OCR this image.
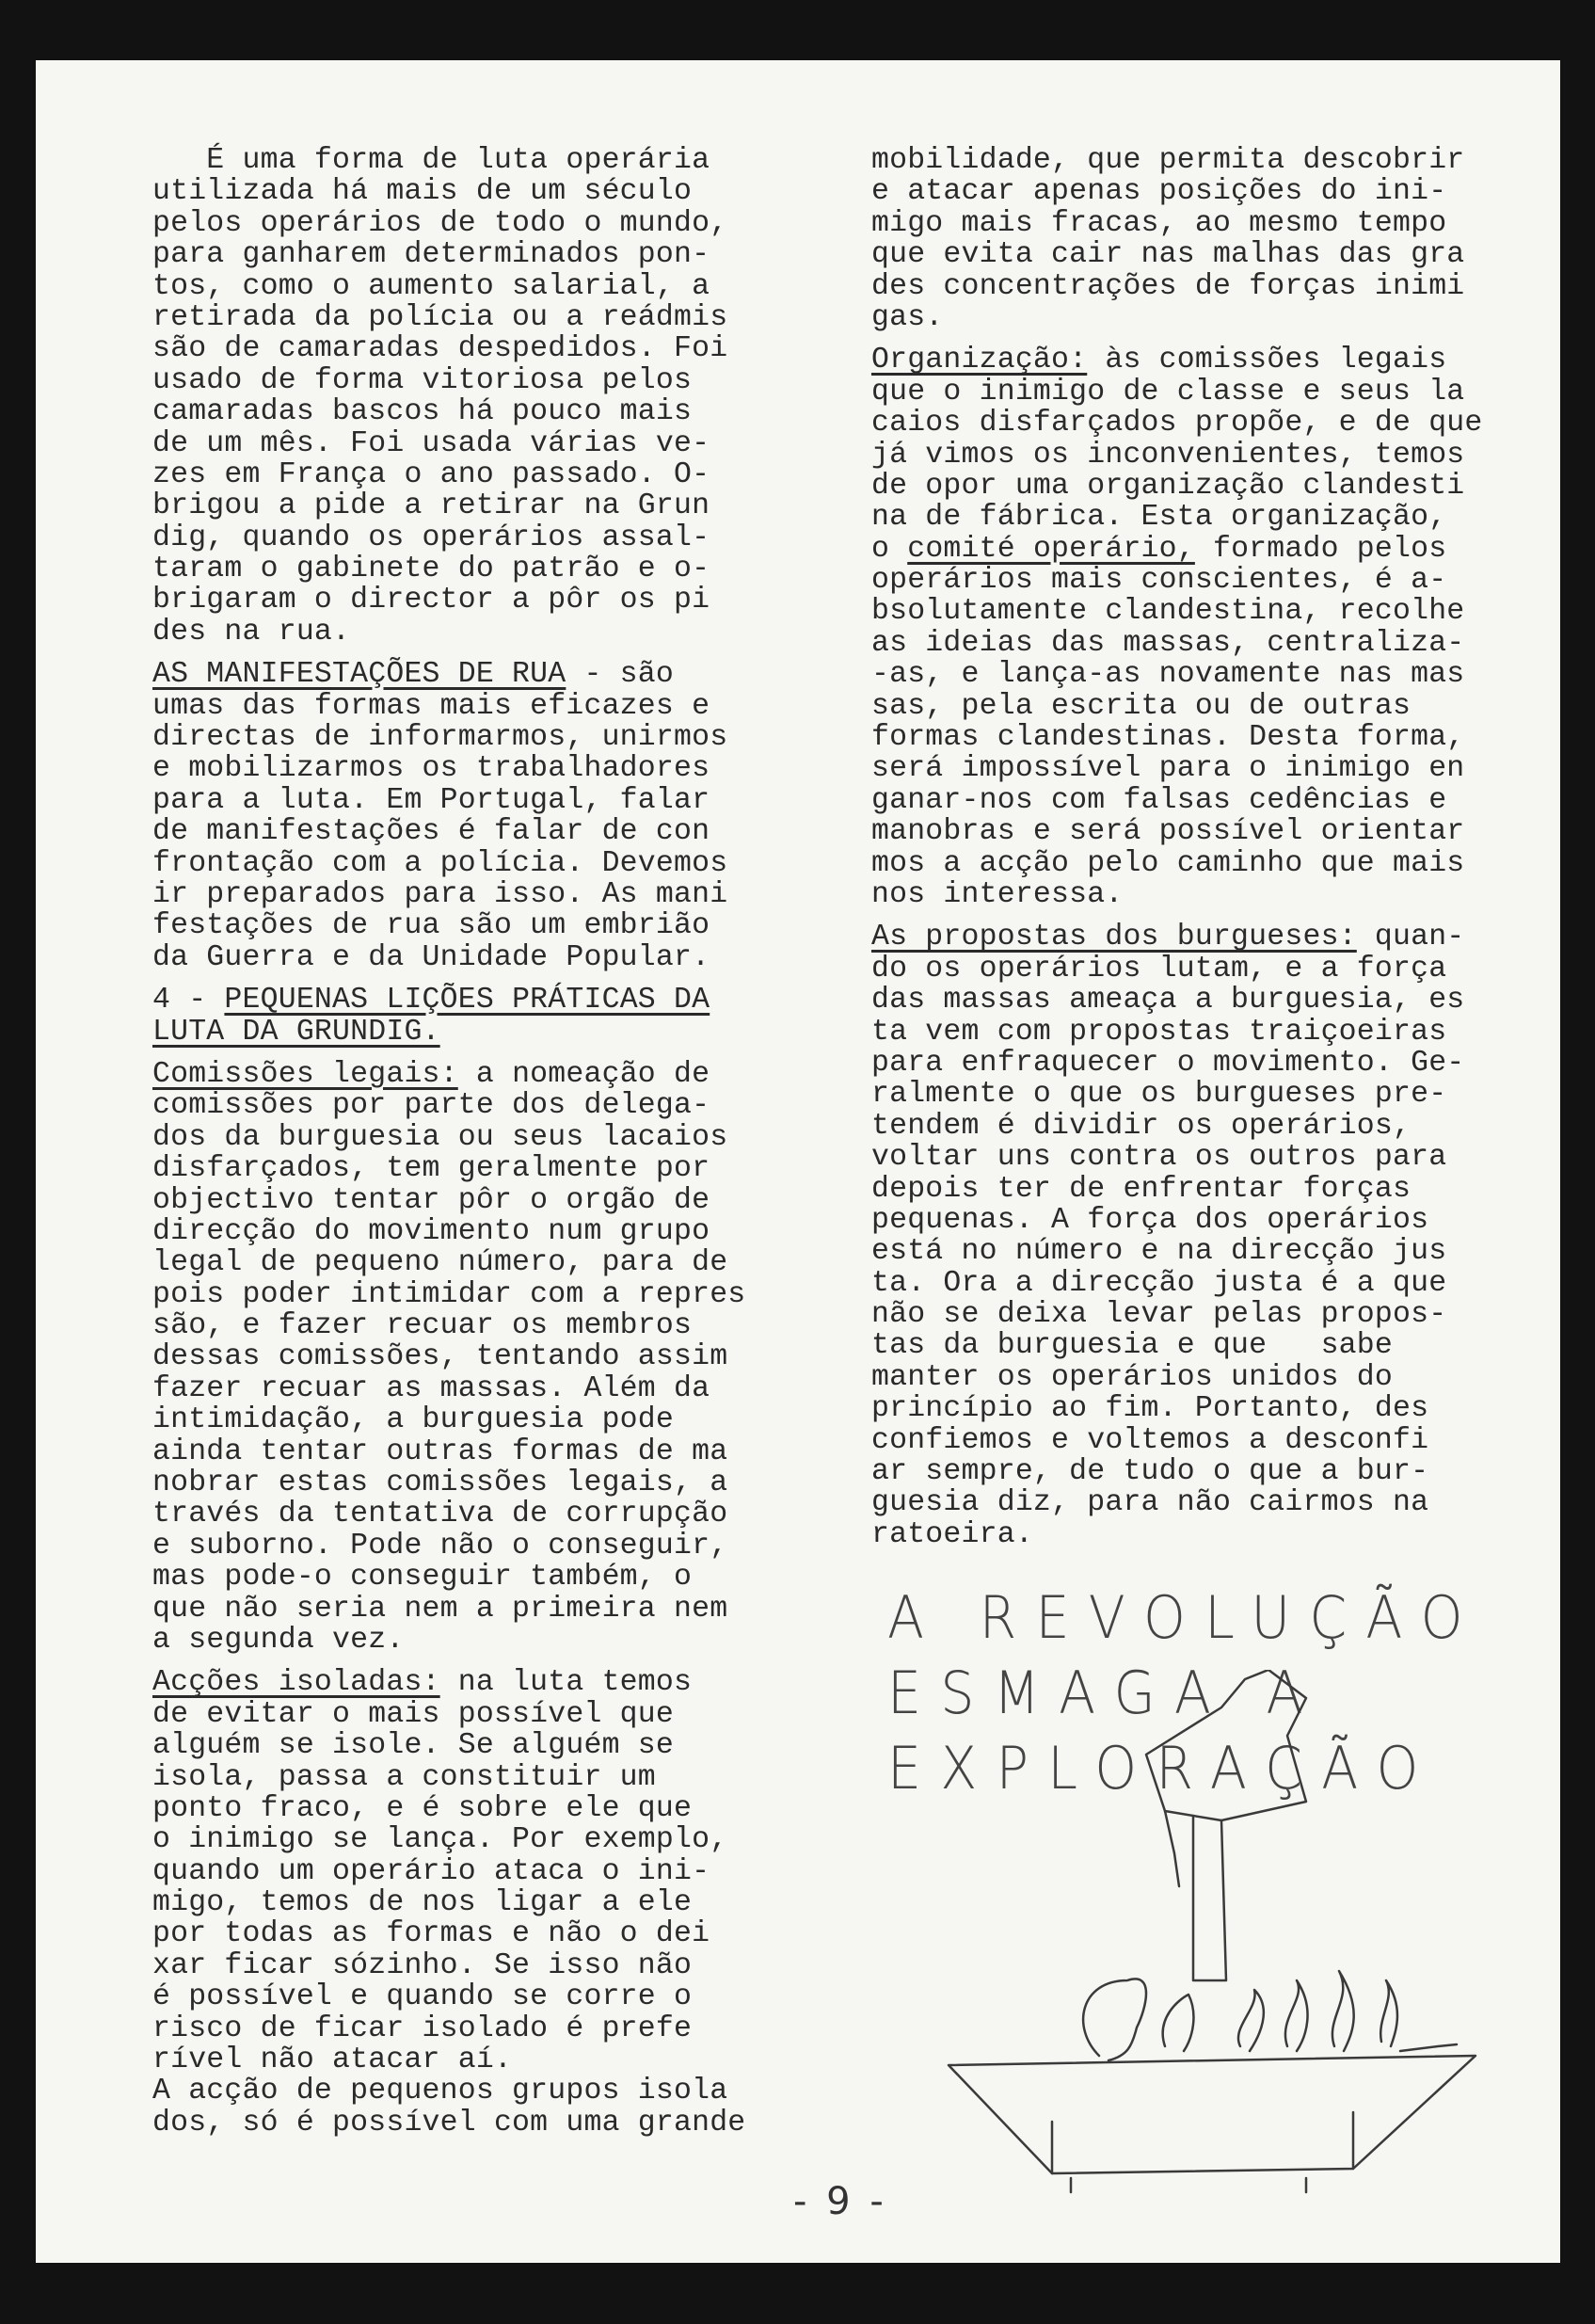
É uma forma de luta operária
utilizada há mais de um século
pelos operários de todo o mundo,
para ganharem determinados pon-
tos, como o aumento salarial, a
retirada da polícia ou a reádmis
são de camaradas despedidos. Foi
usado de forma vitoriosa pelos
camaradas bascos há pouco mais
de um mês. Foi usada várias ve-
zes em França o ano passado. O-
brigou a pide a retirar na Grun
dig, quando os operários assal-
taram o gabinete do patrão e o-
brigaram o director a pôr os pi
des na rua.
AS MANIFESTAÇÕES DE RUA - são
umas das formas mais eficazes e
directas de informarmos, unirmos
e mobilizarmos os trabalhadores
para a luta. Em Portugal, falar
de manifestações é falar de con
frontação com a polícia. Devemos
ir preparados para isso. As mani
festações de rua são um embrião
da Guerra e da Unidade Popular.
4 - PEQUENAS LIÇÕES PRÁTICAS DA
LUTA DA GRUNDIG.
Comissões legais: a nomeação de
comissões por parte dos delega-
dos da burguesia ou seus lacaios
disfarçados, tem geralmente por
objectivo tentar pôr o orgão de
direcção do movimento num grupo
legal de pequeno número, para de
pois poder intimidar com a repres
são, e fazer recuar os membros
dessas comissões, tentando assim
fazer recuar as massas. Além da
intimidação, a burguesia pode
ainda tentar outras formas de ma
nobrar estas comissões legais, a
través da tentativa de corrupção
e suborno. Pode não o conseguir,
mas pode-o conseguir também, o
que não seria nem a primeira nem
a segunda vez.
Acções isoladas: na luta temos
de evitar o mais possível que
alguém se isole. Se alguém se
isola, passa a constituir um
ponto fraco, e é sobre ele que
o inimigo se lança. Por exemplo,
quando um operário ataca o ini-
migo, temos de nos ligar a ele
por todas as formas e não o dei
xar ficar sózinho. Se isso não
é possível e quando se corre o
risco de ficar isolado é prefe
rível não atacar aí.
A acção de pequenos grupos isola
dos, só é possível com uma grande
mobilidade, que permita descobrir
e atacar apenas posições do ini-
migo mais fracas, ao mesmo tempo
que evita cair nas malhas das gra
des concentrações de forças inimi
gas.
Organização: às comissões legais
que o inimigo de classe e seus la
caios disfarçados propõe, e de que
já vimos os inconvenientes, temos
de opor uma organização clandesti
na de fábrica. Esta organização,
o comité operário, formado pelos
operários mais conscientes, é a-
bsolutamente clandestina, recolhe
as ideias das massas, centraliza-
-as, e lança-as novamente nas mas
sas, pela escrita ou de outras
formas clandestinas. Desta forma,
será impossível para o inimigo en
ganar-nos com falsas cedências e
manobras e será possível orientar
mos a acção pelo caminho que mais
nos interessa.
As propostas dos burgueses: quan-
do os operários lutam, e a força
das massas ameaça a burguesia, es
ta vem com propostas traiçoeiras
para enfraquecer o movimento. Ge-
ralmente o que os burgueses pre-
tendem é dividir os operários,
voltar uns contra os outros para
depois ter de enfrentar forças
pequenas. A força dos operários
está no número e na direcção jus
ta. Ora a direcção justa é a que
não se deixa levar pelas propos-
tas da burguesia e que   sabe
manter os operários unidos do
princípio ao fim. Portanto, des
confiemos e voltemos a desconfi
ar sempre, de tudo o que a bur-
guesia diz, para não cairmos na
ratoeira.
A REVOLUÇÃO
ESMAGA A
EXPLORAÇÃO
- 9 -
